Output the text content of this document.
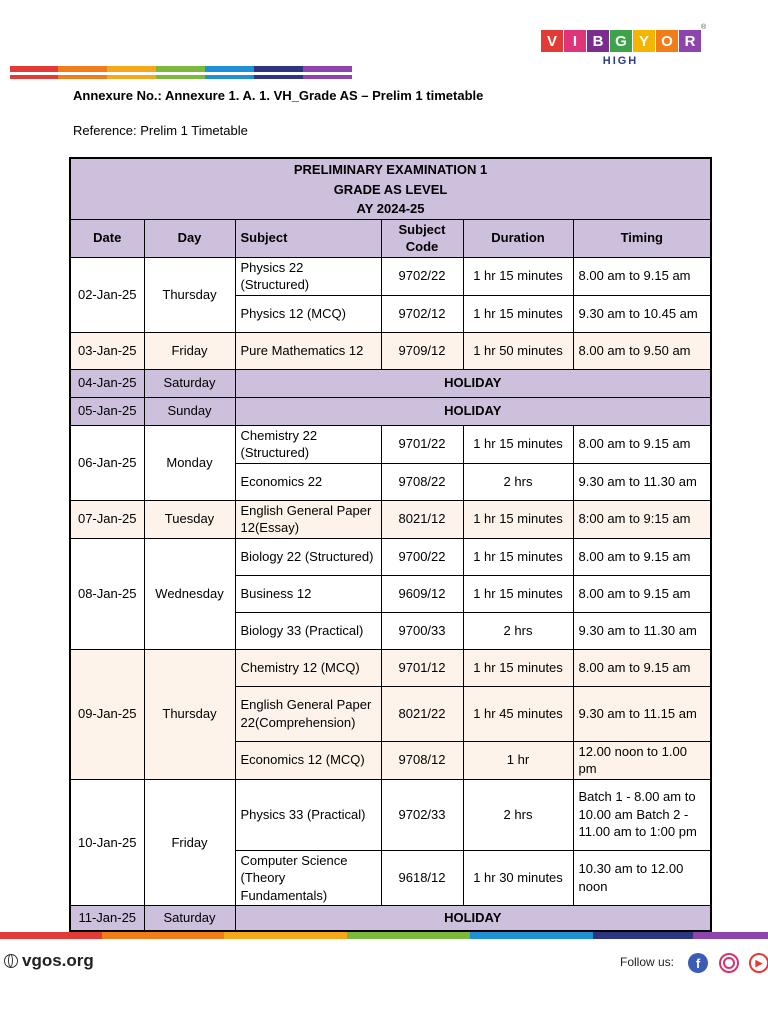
V	I	B G Y O R
®
HIGH
Annexure No.: Annexure 1. A. 1. VH_Grade AS – Prelim 1 timetable
Reference: Prelim 1 Timetable
PRELIMINARY EXAMINATION 1					
GRADE AS LEVEL					
AY 2024-25					
Date	Day	Subject	Subject Code	Duration	Timing
02-Jan-25	Thursday	Physics 22 (Structured)	9702/22	1 hr 15 minutes	8.00 am to 9.15 am
		Physics 12 (MCQ)	9702/12	1 hr 15 minutes	9.30 am to 10.45 am
03-Jan-25	Friday	Pure Mathematics 12	9709/12	1 hr 50 minutes	8.00 am to 9.50 am
04-Jan-25	Saturday	HOLIDAY			
05-Jan-25	Sunday	HOLIDAY			
06-Jan-25	Monday	Chemistry 22 (Structured)	9701/22	1 hr 15 minutes	8.00 am to 9.15 am
		Economics 22	9708/22	2 hrs	9.30 am to 11.30 am
07-Jan-25	Tuesday	English General Paper 12(Essay)	8021/12	1 hr 15 minutes	8:00 am to 9:15 am
08-Jan-25	Wednesday	Biology 22 (Structured)	9700/22	1 hr 15 minutes	8.00 am to 9.15 am
		Business 12	9609/12	1 hr 15 minutes	8.00 am to 9.15 am
		Biology 33 (Practical)	9700/33	2 hrs	9.30 am to 11.30 am
09-Jan-25	Thursday	Chemistry 12 (MCQ)	9701/12	1 hr 15 minutes	8.00 am to 9.15 am
		English General Paper 22(Comprehension)	8021/22	1 hr 45 minutes	9.30 am to 11.15 am
		Economics 12 (MCQ)	9708/12	1 hr	12.00 noon to 1.00 pm
10-Jan-25	Friday	Physics 33 (Practical)	9702/33	2 hrs	Batch 1 - 8.00 am to 10.00 am Batch 2 - 11.00 am to 1:00 pm
		Computer Science (Theory Fundamentals)	9618/12	1 hr 30 minutes	10.30 am to 12.00 noon
11-Jan-25	Saturday	HOLIDAY			
vgos.org	Follow us:	f	▶
